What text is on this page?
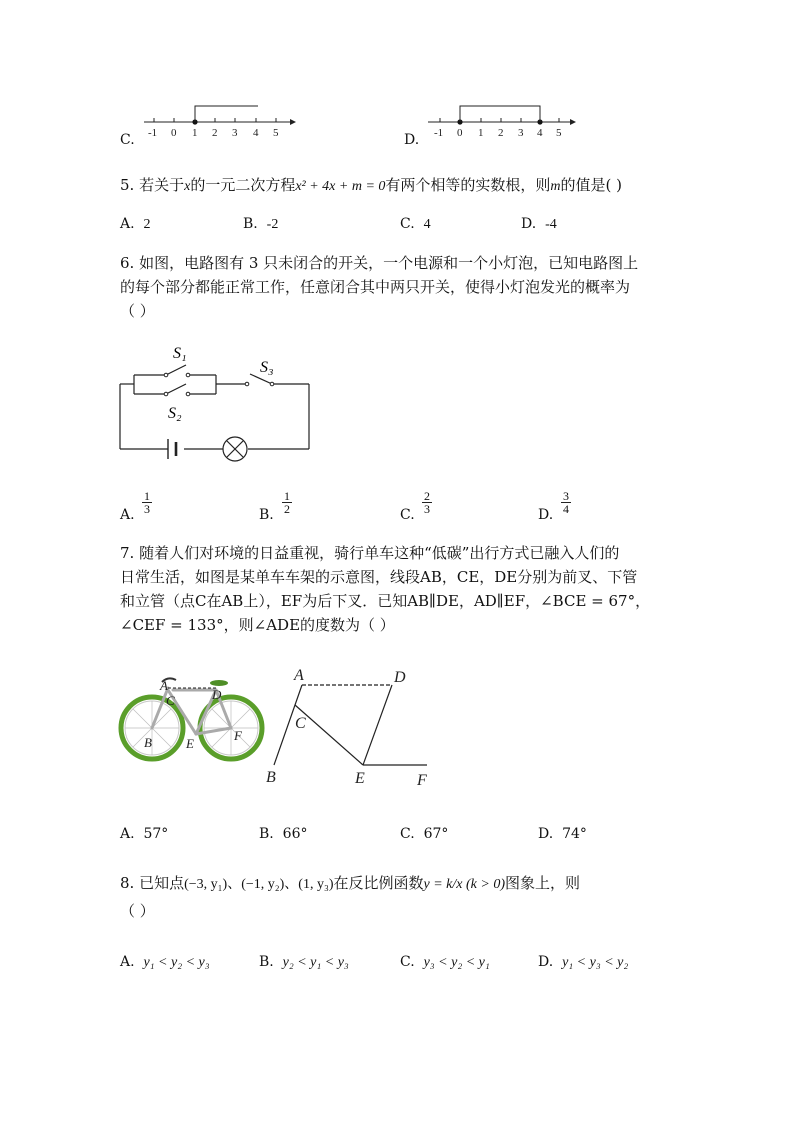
C. -1 0 1 2 3 4 5	D. -1 0 1 2 3 4 5
5. 若关于x的一元二次方程x² + 4x + m = 0有两个相等的实数根，则m的值是( )
A. 2	B. -2	C. 4	D. -4
6. 如图，电路图有 3 只未闭合的开关，一个电源和一个小灯泡，已知电路图上
的每个部分都能正常工作，任意闭合其中两只开关，使得小灯泡发光的概率为
（ ）
S₁
S₂
S₃
A. $\frac{1}{3}$	B. $\frac{1}{2}$	C. $\frac{2}{3}$	D. $\frac{3}{4}$
7. 随着人们对环境的日益重视，骑行单车这种“低碳”出行方式已融入人们的
日常生活，如图是某单车车架的示意图，线段AB，CE，DE分别为前叉、下管
和立管（点C在AB上），EF为后下叉．已知AB∥DE，AD∥EF，∠BCE = 67°，
∠CEF = 133°，则∠ADE的度数为（ ）
A
B
C	D
E
F
A
B
C
D
E	F
A. 57°	B. 66°	C. 67°	D. 74°
8. 已知点(−3, y₁)、(−1, y₂)、(1, y₃)在反比例函数y = k/x (k > 0)图象上，则
（ ）
A. y₁ < y₂ < y₃	B. y₂ < y₁ < y₃	C. y₃ < y₂ < y₁	D. y₁ < y₃ < y₂
